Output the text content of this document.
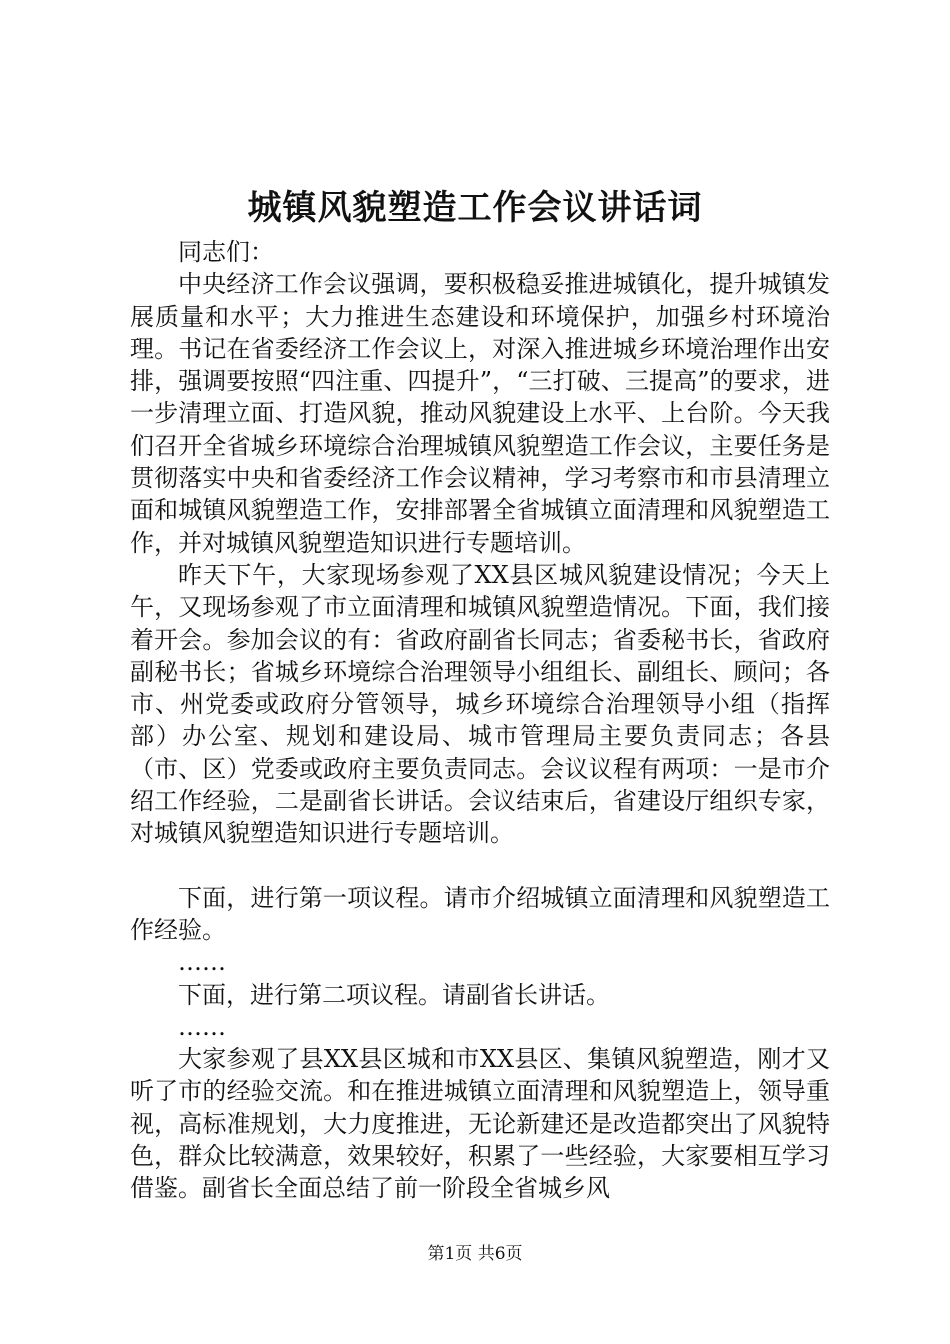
城镇风貌塑造工作会议讲话词

同志们：

中央经济工作会议强调，要积极稳妥推进城镇化，提升城镇发展质量和水平；大力推进生态建设和环境保护，加强乡村环境治理。书记在省委经济工作会议上，对深入推进城乡环境治理作出安排，强调要按照“四注重、四提升”，“三打破、三提高”的要求，进一步清理立面、打造风貌，推动风貌建设上水平、上台阶。今天我们召开全省城乡环境综合治理城镇风貌塑造工作会议，主要任务是贯彻落实中央和省委经济工作会议精神，学习考察市和市县清理立面和城镇风貌塑造工作，安排部署全省城镇立面清理和风貌塑造工作，并对城镇风貌塑造知识进行专题培训。

昨天下午，大家现场参观了XX县区城风貌建设情况；今天上午，又现场参观了市立面清理和城镇风貌塑造情况。下面，我们接着开会。参加会议的有：省政府副省长同志；省委秘书长，省政府副秘书长；省城乡环境综合治理领导小组组长、副组长、顾问；各市、州党委或政府分管领导，城乡环境综合治理领导小组（指挥部）办公室、规划和建设局、城市管理局主要负责同志；各县（市、区）党委或政府主要负责同志。会议议程有两项：一是市介绍工作经验，二是副省长讲话。会议结束后，省建设厅组织专家，对城镇风貌塑造知识进行专题培训。

下面，进行第一项议程。请市介绍城镇立面清理和风貌塑造工作经验。

……

下面，进行第二项议程。请副省长讲话。

……

大家参观了县XX县区城和市XX县区、集镇风貌塑造，刚才又听了市的经验交流。和在推进城镇立面清理和风貌塑造上，领导重视，高标准规划，大力度推进，无论新建还是改造都突出了风貌特色，群众比较满意，效果较好，积累了一些经验，大家要相互学习借鉴。副省长全面总结了前一阶段全省城乡风

第1页 共6页
